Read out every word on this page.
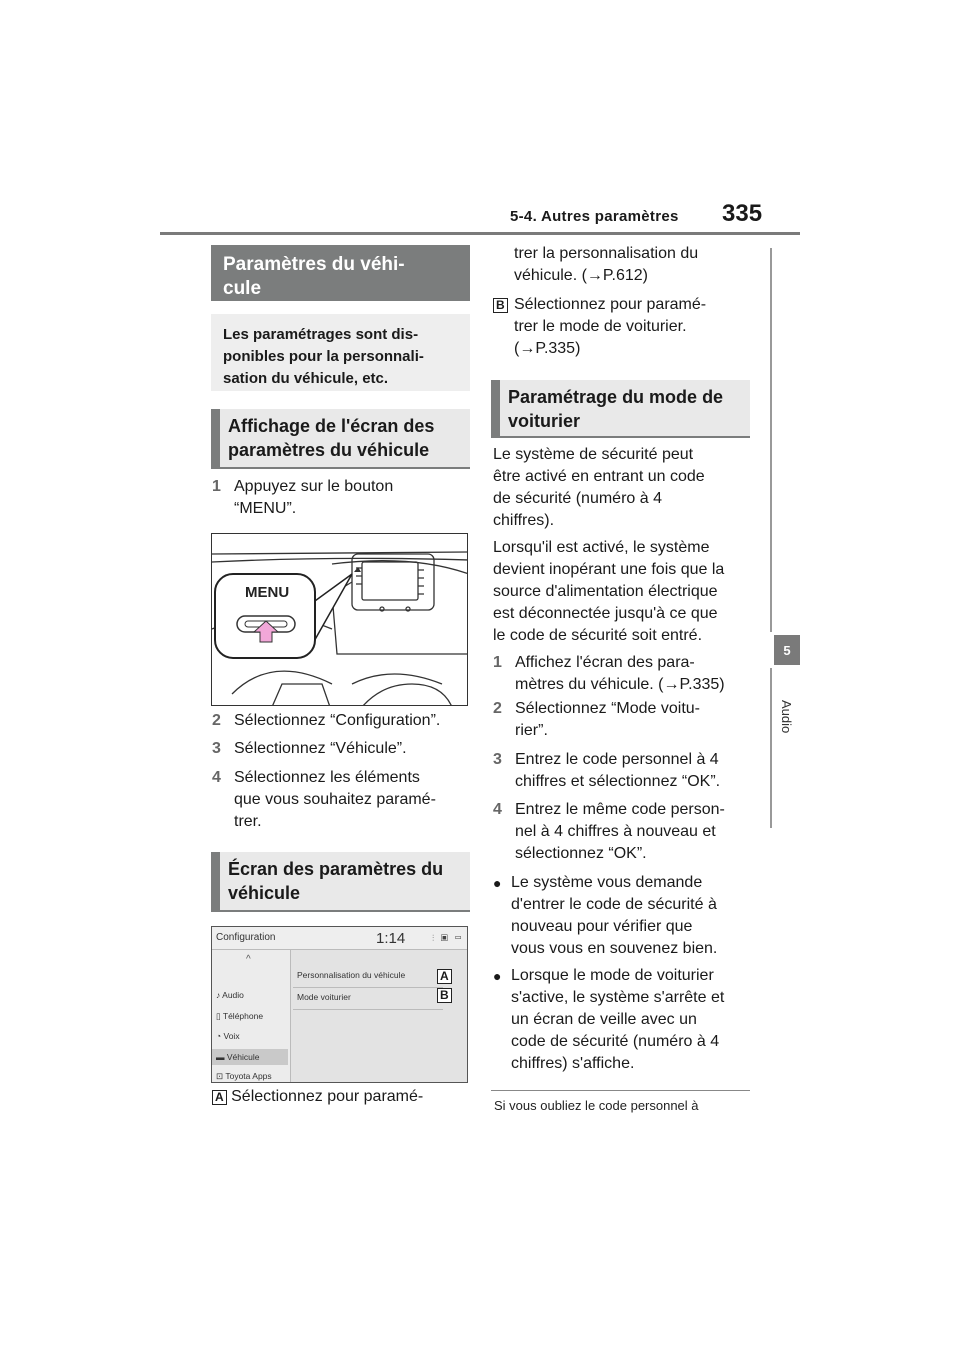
5-4. Autres paramètres 335
5
Audio
Paramètres du véhi-
cule
Les paramétrages sont dis-
ponibles pour la personnali-
sation du véhicule, etc.
Affichage de l'écran des
paramètres du véhicule
1 Appuyez sur le bouton
“MENU”.
MENU
2 Sélectionnez “Configuration”.
3 Sélectionnez “Véhicule”.
4 Sélectionnez les éléments
que vous souhaitez paramé-
trer.
Écran des paramètres du
véhicule
Configuration	1:14	⫶ ▣ ▭
^
♪ Audio
▯ Téléphone
◔ Voix
▬ Véhicule
⊡ Toyota Apps
Personnalisation du véhicule
Mode voiturier
A
B
A Sélectionnez pour paramé-
trer la personnalisation du
véhicule. (→P.612)
B Sélectionnez pour paramé-
trer le mode de voiturier.
(→P.335)
Paramétrage du mode de
voiturier
Le système de sécurité peut
être activé en entrant un code
de sécurité (numéro à 4
chiffres).
Lorsqu'il est activé, le système
devient inopérant une fois que la
source d'alimentation électrique
est déconnectée jusqu'à ce que
le code de sécurité soit entré.
1 Affichez l'écran des para-
mètres du véhicule. (→P.335)
2 Sélectionnez “Mode voitu-
rier”.
3 Entrez le code personnel à 4
chiffres et sélectionnez “OK”.
4 Entrez le même code person-
nel à 4 chiffres à nouveau et
sélectionnez “OK”.
● Le système vous demande
d'entrer le code de sécurité à
nouveau pour vérifier que
vous vous en souvenez bien.
● Lorsque le mode de voiturier
s'active, le système s'arrête et
un écran de veille avec un
code de sécurité (numéro à 4
chiffres) s'affiche.
Si vous oubliez le code personnel à
